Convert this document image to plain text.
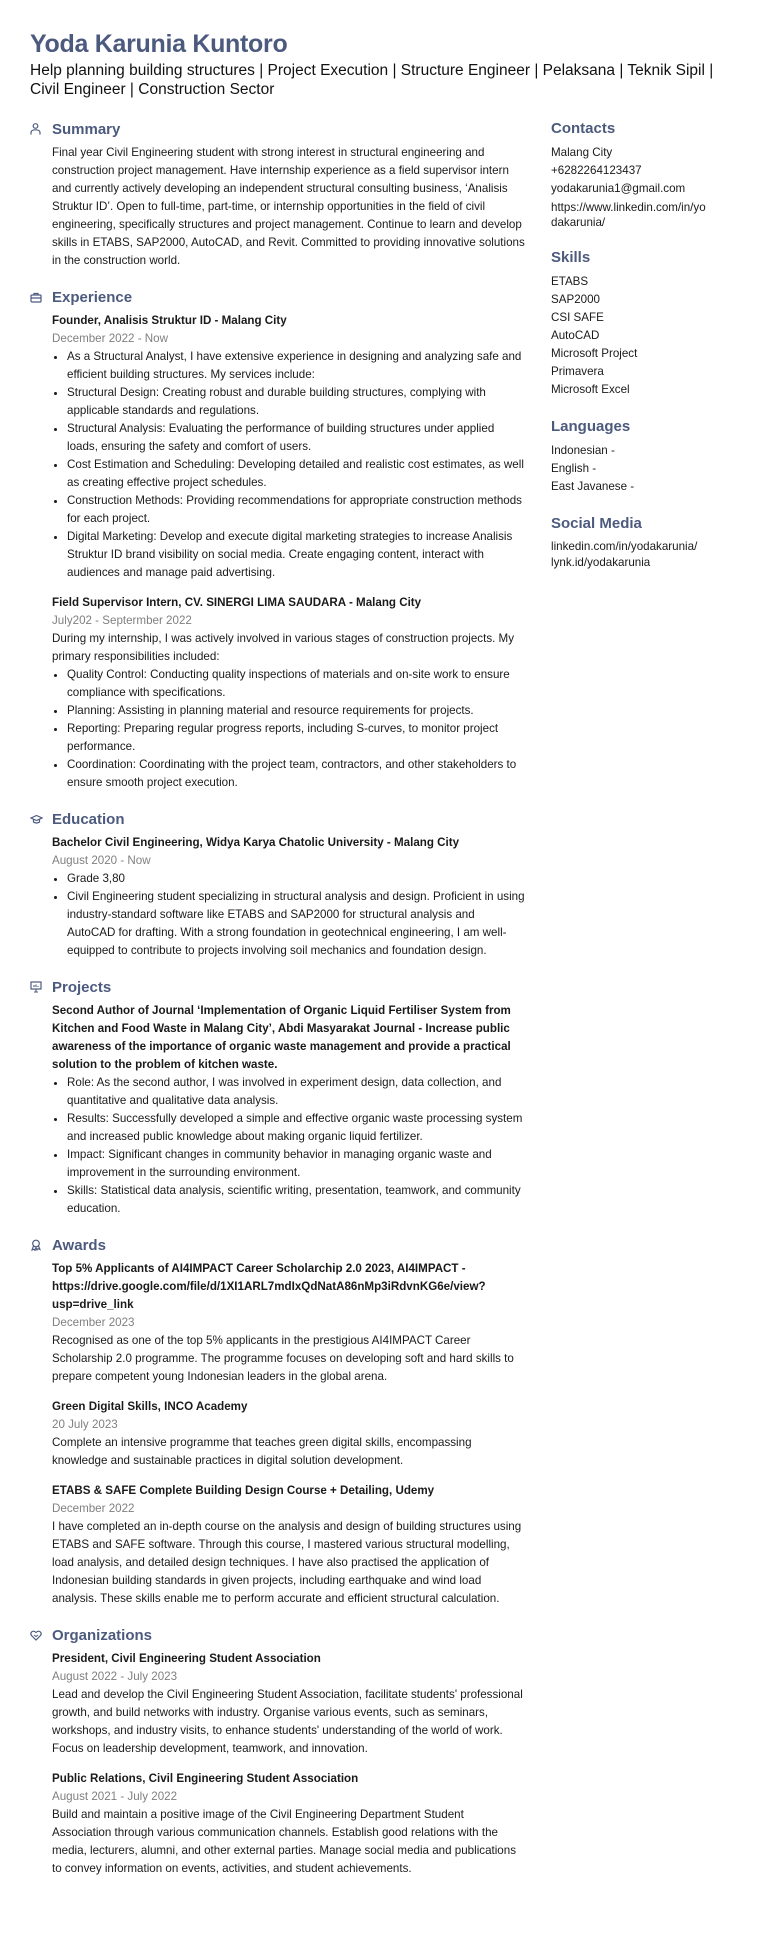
Yoda Karunia Kuntoro
Help planning building structures | Project Execution | Structure Engineer | Pelaksana | Teknik Sipil | Civil Engineer | Construction Sector
Summary
Final year Civil Engineering student with strong interest in structural engineering and construction project management. Have internship experience as a field supervisor intern and currently actively developing an independent structural consulting business, ‘Analisis Struktur ID’. Open to full-time, part-time, or internship opportunities in the field of civil engineering, specifically structures and project management. Continue to learn and develop skills in ETABS, SAP2000, AutoCAD, and Revit. Committed to providing innovative solutions in the construction world.
Experience
Founder, Analisis Struktur ID - Malang City
December 2022 - Now
• As a Structural Analyst, I have extensive experience in designing and analyzing safe and efficient building structures. My services include:
• Structural Design: Creating robust and durable building structures, complying with applicable standards and regulations.
• Structural Analysis: Evaluating the performance of building structures under applied loads, ensuring the safety and comfort of users.
• Cost Estimation and Scheduling: Developing detailed and realistic cost estimates, as well as creating effective project schedules.
• Construction Methods: Providing recommendations for appropriate construction methods for each project.
• Digital Marketing: Develop and execute digital marketing strategies to increase Analisis Struktur ID brand visibility on social media. Create engaging content, interact with audiences and manage paid advertising.
Field Supervisor Intern, CV. SINERGI LIMA SAUDARA - Malang City
July202 - Septermber 2022
During my internship, I was actively involved in various stages of construction projects. My primary responsibilities included:
• Quality Control: Conducting quality inspections of materials and on-site work to ensure compliance with specifications.
• Planning: Assisting in planning material and resource requirements for projects.
• Reporting: Preparing regular progress reports, including S-curves, to monitor project performance.
• Coordination: Coordinating with the project team, contractors, and other stakeholders to ensure smooth project execution.
Education
Bachelor Civil Engineering, Widya Karya Chatolic University - Malang City
August 2020 - Now
• Grade 3,80
• Civil Engineering student specializing in structural analysis and design. Proficient in using industry-standard software like ETABS and SAP2000 for structural analysis and AutoCAD for drafting. With a strong foundation in geotechnical engineering, I am well-equipped to contribute to projects involving soil mechanics and foundation design.
Projects
Second Author of Journal ‘Implementation of Organic Liquid Fertiliser System from Kitchen and Food Waste in Malang City’, Abdi Masyarakat Journal - Increase public awareness of the importance of organic waste management and provide a practical solution to the problem of kitchen waste.
• Role: As the second author, I was involved in experiment design, data collection, and quantitative and qualitative data analysis.
• Results: Successfully developed a simple and effective organic waste processing system and increased public knowledge about making organic liquid fertilizer.
• Impact: Significant changes in community behavior in managing organic waste and improvement in the surrounding environment.
• Skills: Statistical data analysis, scientific writing, presentation, teamwork, and community education.
Awards
Top 5% Applicants of AI4IMPACT Career Scholarchip 2.0 2023, AI4IMPACT - https://drive.google.com/file/d/1XI1ARL7mdIxQdNatA86nMp3iRdvnKG6e/view?usp=drive_link
December 2023
Recognised as one of the top 5% applicants in the prestigious AI4IMPACT Career Scholarship 2.0 programme. The programme focuses on developing soft and hard skills to prepare competent young Indonesian leaders in the global arena.
Green Digital Skills, INCO Academy
20 July 2023
Complete an intensive programme that teaches green digital skills, encompassing knowledge and sustainable practices in digital solution development.
ETABS & SAFE Complete Building Design Course + Detailing, Udemy
December 2022
I have completed an in-depth course on the analysis and design of building structures using ETABS and SAFE software. Through this course, I mastered various structural modelling, load analysis, and detailed design techniques. I have also practised the application of Indonesian building standards in given projects, including earthquake and wind load analysis. These skills enable me to perform accurate and efficient structural calculation.
Organizations
President, Civil Engineering Student Association
August 2022 - July 2023
Lead and develop the Civil Engineering Student Association, facilitate students' professional growth, and build networks with industry. Organise various events, such as seminars, workshops, and industry visits, to enhance students' understanding of the world of work. Focus on leadership development, teamwork, and innovation.
Public Relations, Civil Engineering Student Association
August 2021 - July 2022
Build and maintain a positive image of the Civil Engineering Department Student Association through various communication channels. Establish good relations with the media, lecturers, alumni, and other external parties. Manage social media and publications to convey information on events, activities, and student achievements.
Contacts
Malang City
+6282264123437
yodakarunia1@gmail.com
https://www.linkedin.com/in/yodakarunia/
Skills
ETABS
SAP2000
CSI SAFE
AutoCAD
Microsoft Project
Primavera
Microsoft Excel
Languages
Indonesian -
English -
East Javanese -
Social Media
linkedin.com/in/yodakarunia/
lynk.id/yodakarunia
